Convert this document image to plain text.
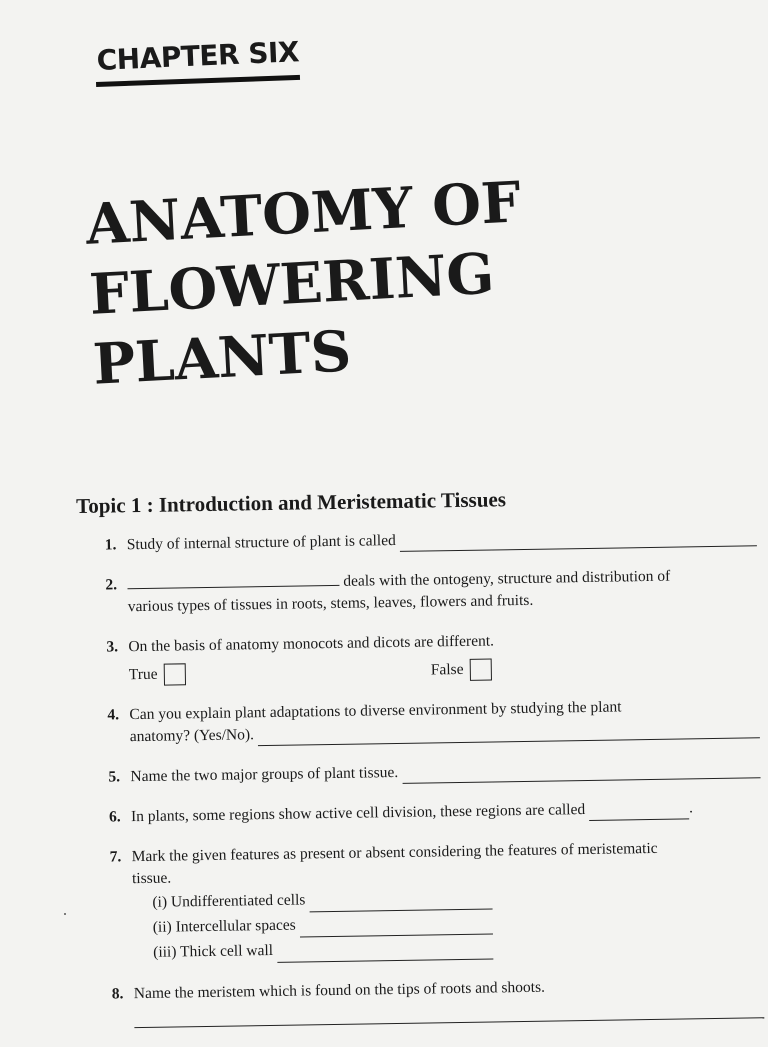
CHAPTER SIX
ANATOMY OF
FLOWERING
PLANTS
Topic 1 : Introduction and Meristematic Tissues
1. Study of internal structure of plant is called
2.	deals with the ontogeny, structure and distribution of
various types of tissues in roots, stems, leaves, flowers and fruits.
3. On the basis of anatomy monocots and dicots are different.
True	False
4. Can you explain plant adaptations to diverse environment by studying the plant
anatomy? (Yes/No).
5. Name the two major groups of plant tissue.
6. In plants, some regions show active cell division, these regions are called	.
7. Mark the given features as present or absent considering the features of meristematic
tissue.
(i) Undifferentiated cells
(ii) Intercellular spaces
(iii) Thick cell wall
8. Name the meristem which is found on the tips of roots and shoots.
